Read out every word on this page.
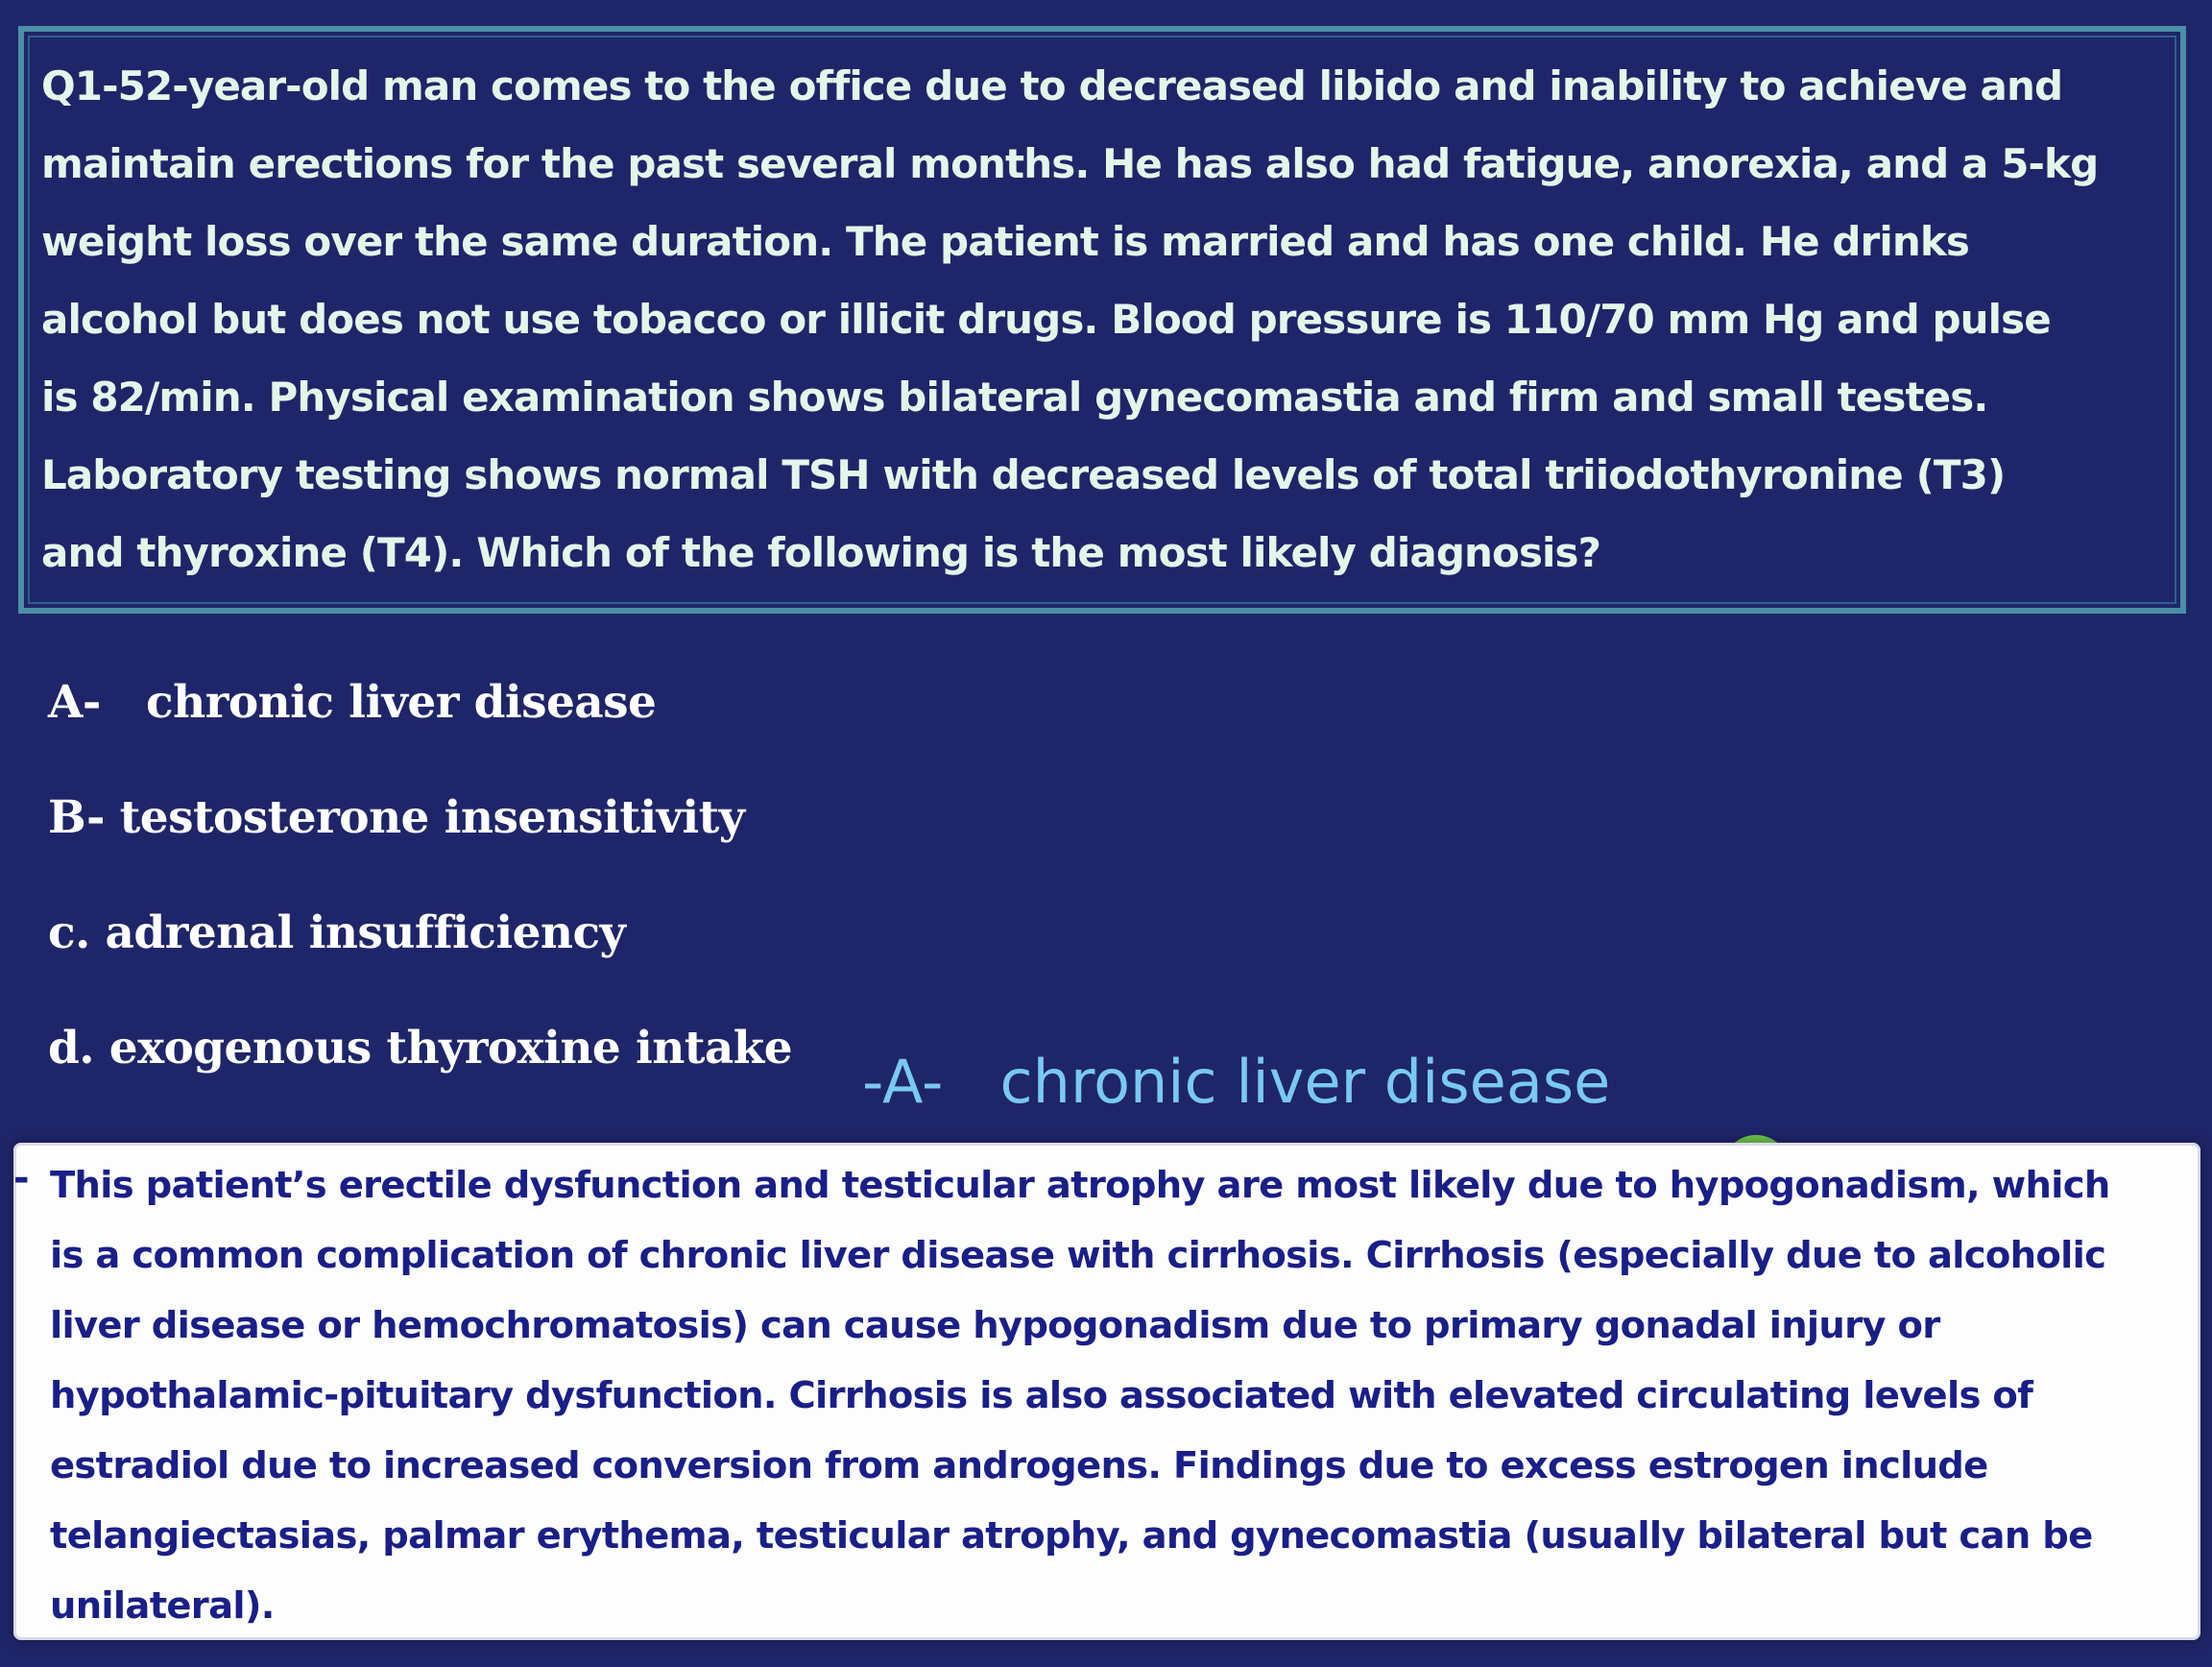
Q1-52-year-old man comes to the office due to decreased libido and inability to achieve and
maintain erections for the past several months. He has also had fatigue, anorexia, and a 5-kg
weight loss over the same duration. The patient is married and has one child. He drinks
alcohol but does not use tobacco or illicit drugs. Blood pressure is 110/70 mm Hg and pulse
is 82/min. Physical examination shows bilateral gynecomastia and firm and small testes.
Laboratory testing shows normal TSH with decreased levels of total triiodothyronine (T3)
and thyroxine (T4). Which of the following is the most likely diagnosis?

A-   chronic liver disease
B- testosterone insensitivity
c. adrenal insufficiency
d. exogenous thyroxine intake -A-   chronic liver disease

- This patient’s erectile dysfunction and testicular atrophy are most likely due to hypogonadism, which
is a common complication of chronic liver disease with cirrhosis. Cirrhosis (especially due to alcoholic
liver disease or hemochromatosis) can cause hypogonadism due to primary gonadal injury or
hypothalamic-pituitary dysfunction. Cirrhosis is also associated with elevated circulating levels of
estradiol due to increased conversion from androgens. Findings due to excess estrogen include
telangiectasias, palmar erythema, testicular atrophy, and gynecomastia (usually bilateral but can be
unilateral).
